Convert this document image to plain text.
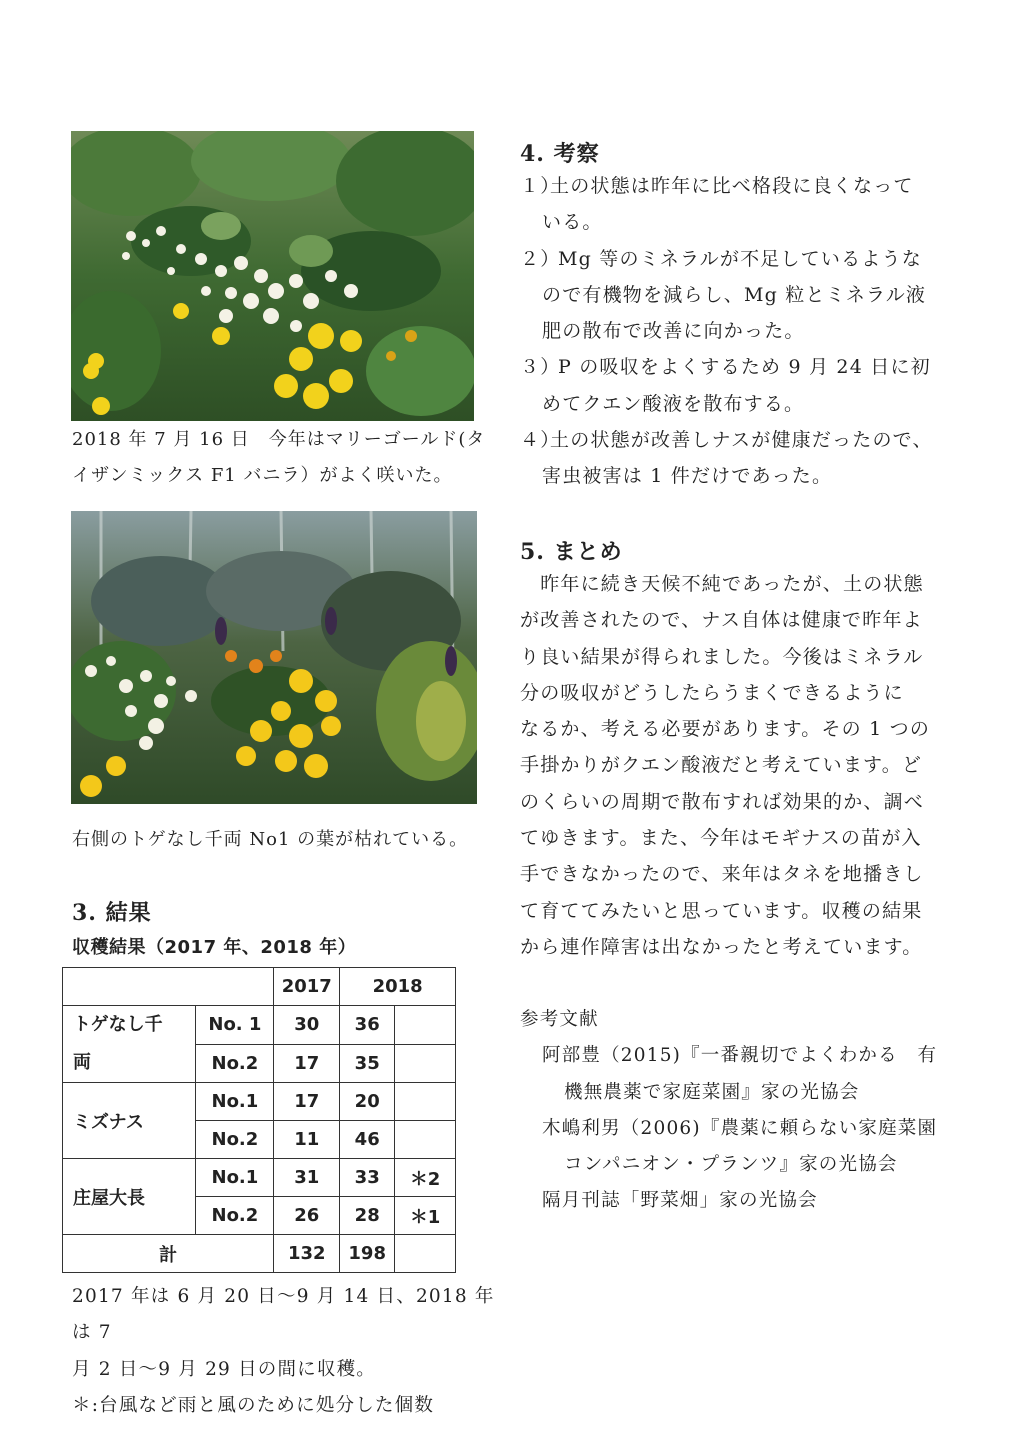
2018 年 7 月 16 日　今年はマリーゴールド(タ
イザンミックス F1 バニラ）がよく咲いた。
右側のトゲなし千両 No1 の葉が枯れている。
3. 結果
収穫結果（2017 年、2018 年）
		2017	2018	

トゲなし千
両	No. 1	30	36	
	No.2	17	35	
ミズナス	No.1	17	20	
	No.2	11	46	
庄屋大長	No.1	31	33	＊2
	No.2	26	28	＊1
計		132	198	
2017 年は 6 月 20 日～9 月 14 日、2018 年は 7
月 2 日～9 月 29 日の間に収穫。
＊:台風など雨と風のために処分した個数
4. 考察
１）
土の状態は昨年に比べ格段に良くなって
いる。
２）
Mg 等のミネラルが不足しているような
ので有機物を減らし、Mg 粒とミネラル液
肥の散布で改善に向かった。
３）
P の吸収をよくするため 9 月 24 日に初
めてクエン酸液を散布する。
４）
土の状態が改善しナスが健康だったので、
害虫被害は 1 件だけであった。
5. まとめ
　昨年に続き天候不純であったが、土の状態
が改善されたので、ナス自体は健康で昨年よ
り良い結果が得られました。今後はミネラル
分の吸収がどうしたらうまくできるように
なるか、考える必要があります。その 1 つの
手掛かりがクエン酸液だと考えています。ど
のくらいの周期で散布すれば効果的か、調べ
てゆきます。また、今年はモギナスの苗が入
手できなかったので、来年はタネを地播きし
て育ててみたいと思っています。収穫の結果
から連作障害は出なかったと考えています。
参考文献
阿部豊（2015)『一番親切でよくわかる　有
機無農薬で家庭菜園』家の光協会
木嶋利男（2006)『農薬に頼らない家庭菜園
コンパニオン・プランツ』家の光協会
隔月刊誌「野菜畑」家の光協会
